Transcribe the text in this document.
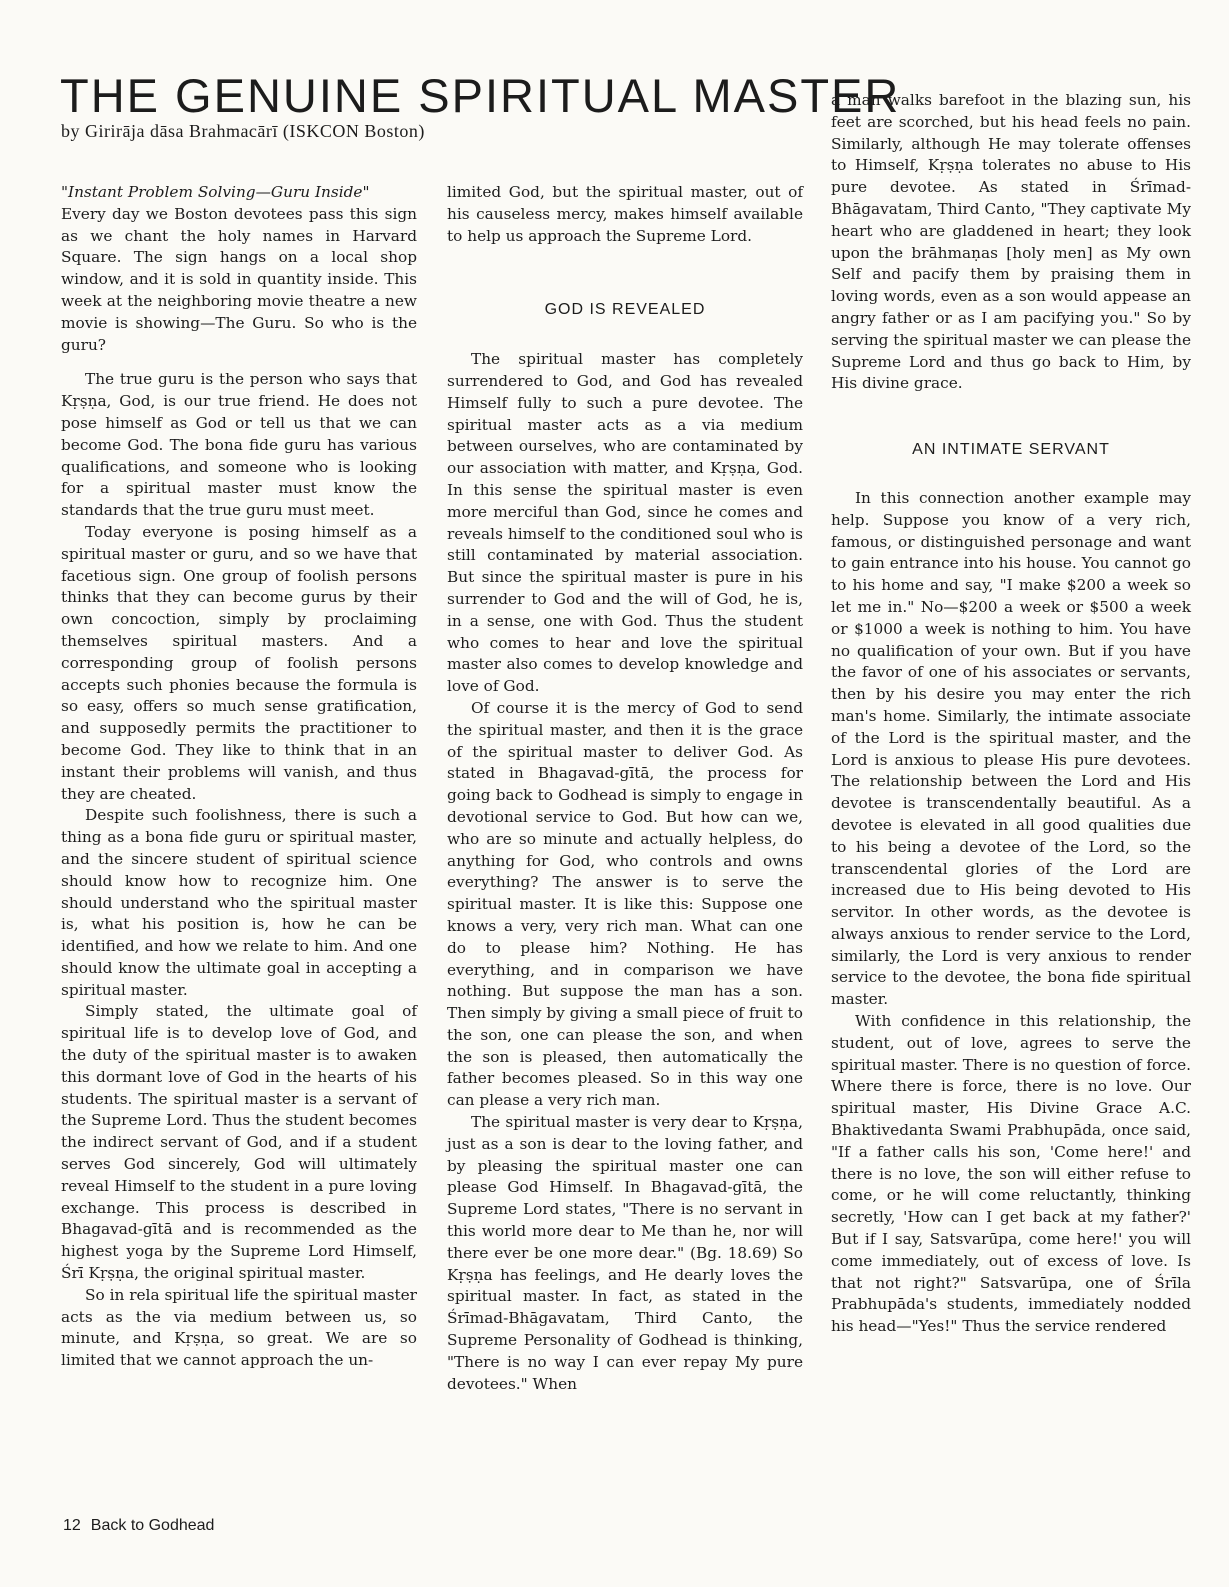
THE GENUINE SPIRITUAL MASTER
by Girirāja dāsa Brahmacārī (ISKCON Boston)

"Instant Problem Solving—Guru Inside"

Every day we Boston devotees pass this sign as we chant the holy names in Harvard Square. The sign hangs on a local shop window, and it is sold in quantity inside. This week at the neighboring movie theatre a new movie is showing—The Guru. So who is the guru?

The true guru is the person who says that Kṛṣṇa, God, is our true friend. He does not pose himself as God or tell us that we can become God. The bona fide guru has various qualifications, and someone who is looking for a spiritual master must know the standards that the true guru must meet.

Today everyone is posing himself as a spiritual master or guru, and so we have that facetious sign. One group of foolish persons thinks that they can become gurus by their own concoction, simply by proclaiming themselves spiritual masters. And a corresponding group of foolish persons accepts such phonies because the formula is so easy, offers so much sense gratification, and supposedly permits the practitioner to become God. They like to think that in an instant their problems will vanish, and thus they are cheated.

Despite such foolishness, there is such a thing as a bona fide guru or spiritual master, and the sincere student of spiritual science should know how to recognize him. One should understand who the spiritual master is, what his position is, how he can be identified, and how we relate to him. And one should know the ultimate goal in accepting a spiritual master.

Simply stated, the ultimate goal of spiritual life is to develop love of God, and the duty of the spiritual master is to awaken this dormant love of God in the hearts of his students. The spiritual master is a servant of the Supreme Lord. Thus the student becomes the indirect servant of God, and if a student serves God sincerely, God will ultimately reveal Himself to the student in a pure loving exchange. This process is described in Bhagavad-gītā and is recommended as the highest yoga by the Supreme Lord Himself, Śrī Kṛṣṇa, the original spiritual master.

So in rela spiritual life the spiritual master acts as the via medium between us, so minute, and Kṛṣṇa, so great. We are so limited that we cannot approach the un-

limited God, but the spiritual master, out of his causeless mercy, makes himself available to help us approach the Supreme Lord.

GOD IS REVEALED

The spiritual master has completely surrendered to God, and God has revealed Himself fully to such a pure devotee. The spiritual master acts as a via medium between ourselves, who are contaminated by our association with matter, and Kṛṣṇa, God. In this sense the spiritual master is even more merciful than God, since he comes and reveals himself to the conditioned soul who is still contaminated by material association. But since the spiritual master is pure in his surrender to God and the will of God, he is, in a sense, one with God. Thus the student who comes to hear and love the spiritual master also comes to develop knowledge and love of God.

Of course it is the mercy of God to send the spiritual master, and then it is the grace of the spiritual master to deliver God. As stated in Bhagavad-gītā, the process for going back to Godhead is simply to engage in devotional service to God. But how can we, who are so minute and actually helpless, do anything for God, who controls and owns everything? The answer is to serve the spiritual master. It is like this: Suppose one knows a very, very rich man. What can one do to please him? Nothing. He has everything, and in comparison we have nothing. But suppose the man has a son. Then simply by giving a small piece of fruit to the son, one can please the son, and when the son is pleased, then automatically the father becomes pleased. So in this way one can please a very rich man.

The spiritual master is very dear to Kṛṣṇa, just as a son is dear to the loving father, and by pleasing the spiritual master one can please God Himself. In Bhagavad-gītā, the Supreme Lord states, "There is no servant in this world more dear to Me than he, nor will there ever be one more dear." (Bg. 18.69) So Kṛṣṇa has feelings, and He dearly loves the spiritual master. In fact, as stated in the Śrīmad-Bhāgavatam, Third Canto, the Supreme Personality of Godhead is thinking, "There is no way I can ever repay My pure devotees." When

a man walks barefoot in the blazing sun, his feet are scorched, but his head feels no pain. Similarly, although He may tolerate offenses to Himself, Kṛṣṇa tolerates no abuse to His pure devotee. As stated in Śrīmad-Bhāgavatam, Third Canto, "They captivate My heart who are gladdened in heart; they look upon the brāhmaṇas [holy men] as My own Self and pacify them by praising them in loving words, even as a son would appease an angry father or as I am pacifying you." So by serving the spiritual master we can please the Supreme Lord and thus go back to Him, by His divine grace.

AN INTIMATE SERVANT

In this connection another example may help. Suppose you know of a very rich, famous, or distinguished personage and want to gain entrance into his house. You cannot go to his home and say, "I make $200 a week so let me in." No—$200 a week or $500 a week or $1000 a week is nothing to him. You have no qualification of your own. But if you have the favor of one of his associates or servants, then by his desire you may enter the rich man's home. Similarly, the intimate associate of the Lord is the spiritual master, and the Lord is anxious to please His pure devotees. The relationship between the Lord and His devotee is transcendentally beautiful. As a devotee is elevated in all good qualities due to his being a devotee of the Lord, so the transcendental glories of the Lord are increased due to His being devoted to His servitor. In other words, as the devotee is always anxious to render service to the Lord, similarly, the Lord is very anxious to render service to the devotee, the bona fide spiritual master.

With confidence in this relationship, the student, out of love, agrees to serve the spiritual master. There is no question of force. Where there is force, there is no love. Our spiritual master, His Divine Grace A.C. Bhaktivedanta Swami Prabhupāda, once said, "If a father calls his son, 'Come here!' and there is no love, the son will either refuse to come, or he will come reluctantly, thinking secretly, 'How can I get back at my father?' But if I say, Satsvarūpa, come here!' you will come immediately, out of excess of love. Is that not right?" Satsvarūpa, one of Śrīla Prabhupāda's students, immediately nodded his head—"Yes!" Thus the service rendered

12 Back to Godhead
